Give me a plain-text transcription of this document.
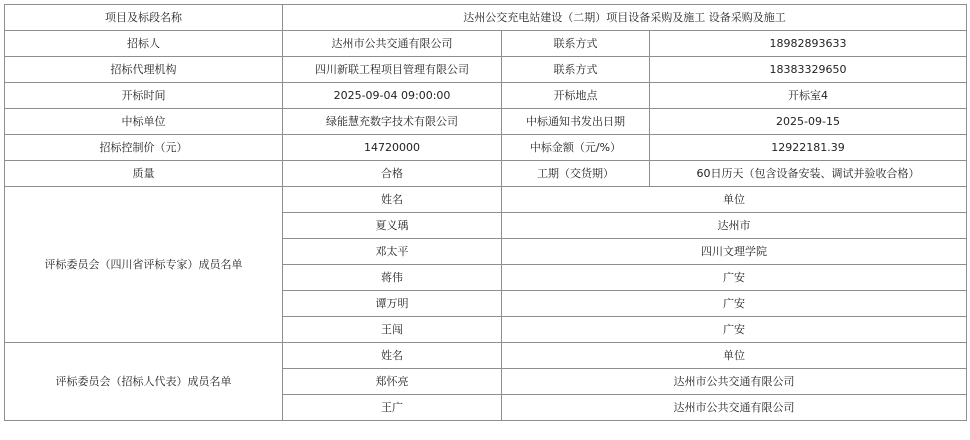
项目及标段名称	达州公交充电站建设（二期）项目设备采购及施工 设备采购及施工		
招标人	达州市公共交通有限公司	联系方式	18982893633
招标代理机构	四川新联工程项目管理有限公司	联系方式	18383329650
开标时间	2025-09-04 09:00:00	开标地点	开标室4
中标单位	绿能慧充数字技术有限公司	中标通知书发出日期	2025-09-15
招标控制价（元）	14720000	中标金额（元/%）	12922181.39
质量	合格	工期（交货期）	60日历天（包含设备安装、调试并验收合格）
评标委员会（四川省评标专家）成员名单	姓名	单位	
	夏义瑀	达州市	
	邓太平	四川文理学院	
	蒋伟	广安	
	谭万明	广安	
	王闯	广安	
评标委员会（招标人代表）成员名单	姓名	单位	
	郑怀亮	达州市公共交通有限公司	
	王广	达州市公共交通有限公司	
